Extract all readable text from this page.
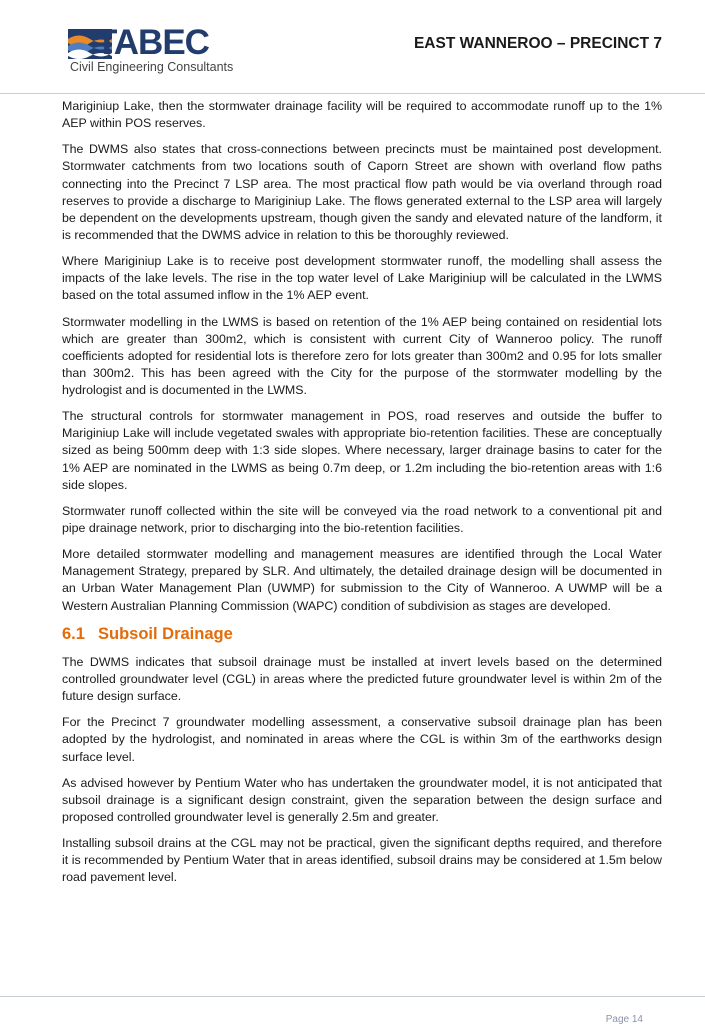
TABEC
Civil Engineering Consultants
EAST WANNEROO – PRECINCT 7

Mariginiup Lake, then the stormwater drainage facility will be required to accommodate runoff up to the 1% AEP within POS reserves.

The DWMS also states that cross-connections between precincts must be maintained post development. Stormwater catchments from two locations south of Caporn Street are shown with overland flow paths connecting into the Precinct 7 LSP area. The most practical flow path would be via overland through road reserves to provide a discharge to Mariginiup Lake. The flows generated external to the LSP area will largely be dependent on the developments upstream, though given the sandy and elevated nature of the landform, it is recommended that the DWMS advice in relation to this be thoroughly reviewed.

Where Mariginiup Lake is to receive post development stormwater runoff, the modelling shall assess the impacts of the lake levels. The rise in the top water level of Lake Mariginiup will be calculated in the LWMS based on the total assumed inflow in the 1% AEP event.

Stormwater modelling in the LWMS is based on retention of the 1% AEP being contained on residential lots which are greater than 300m2, which is consistent with current City of Wanneroo policy. The runoff coefficients adopted for residential lots is therefore zero for lots greater than 300m2 and 0.95 for lots smaller than 300m2. This has been agreed with the City for the purpose of the stormwater modelling by the hydrologist and is documented in the LWMS.

The structural controls for stormwater management in POS, road reserves and outside the buffer to Mariginiup Lake will include vegetated swales with appropriate bio-retention facilities. These are conceptually sized as being 500mm deep with 1:3 side slopes. Where necessary, larger drainage basins to cater for the 1% AEP are nominated in the LWMS as being 0.7m deep, or 1.2m including the bio-retention areas with 1:6 side slopes.

Stormwater runoff collected within the site will be conveyed via the road network to a conventional pit and pipe drainage network, prior to discharging into the bio-retention facilities.

More detailed stormwater modelling and management measures are identified through the Local Water Management Strategy, prepared by SLR. And ultimately, the detailed drainage design will be documented in an Urban Water Management Plan (UWMP) for submission to the City of Wanneroo. A UWMP will be a Western Australian Planning Commission (WAPC) condition of subdivision as stages are developed.

6.1 Subsoil Drainage

The DWMS indicates that subsoil drainage must be installed at invert levels based on the determined controlled groundwater level (CGL) in areas where the predicted future groundwater level is within 2m of the future design surface.

For the Precinct 7 groundwater modelling assessment, a conservative subsoil drainage plan has been adopted by the hydrologist, and nominated in areas where the CGL is within 3m of the earthworks design surface level.

As advised however by Pentium Water who has undertaken the groundwater model, it is not anticipated that subsoil drainage is a significant design constraint, given the separation between the design surface and proposed controlled groundwater level is generally 2.5m and greater.

Installing subsoil drains at the CGL may not be practical, given the significant depths required, and therefore it is recommended by Pentium Water that in areas identified, subsoil drains may be considered at 1.5m below road pavement level.

Page 14
